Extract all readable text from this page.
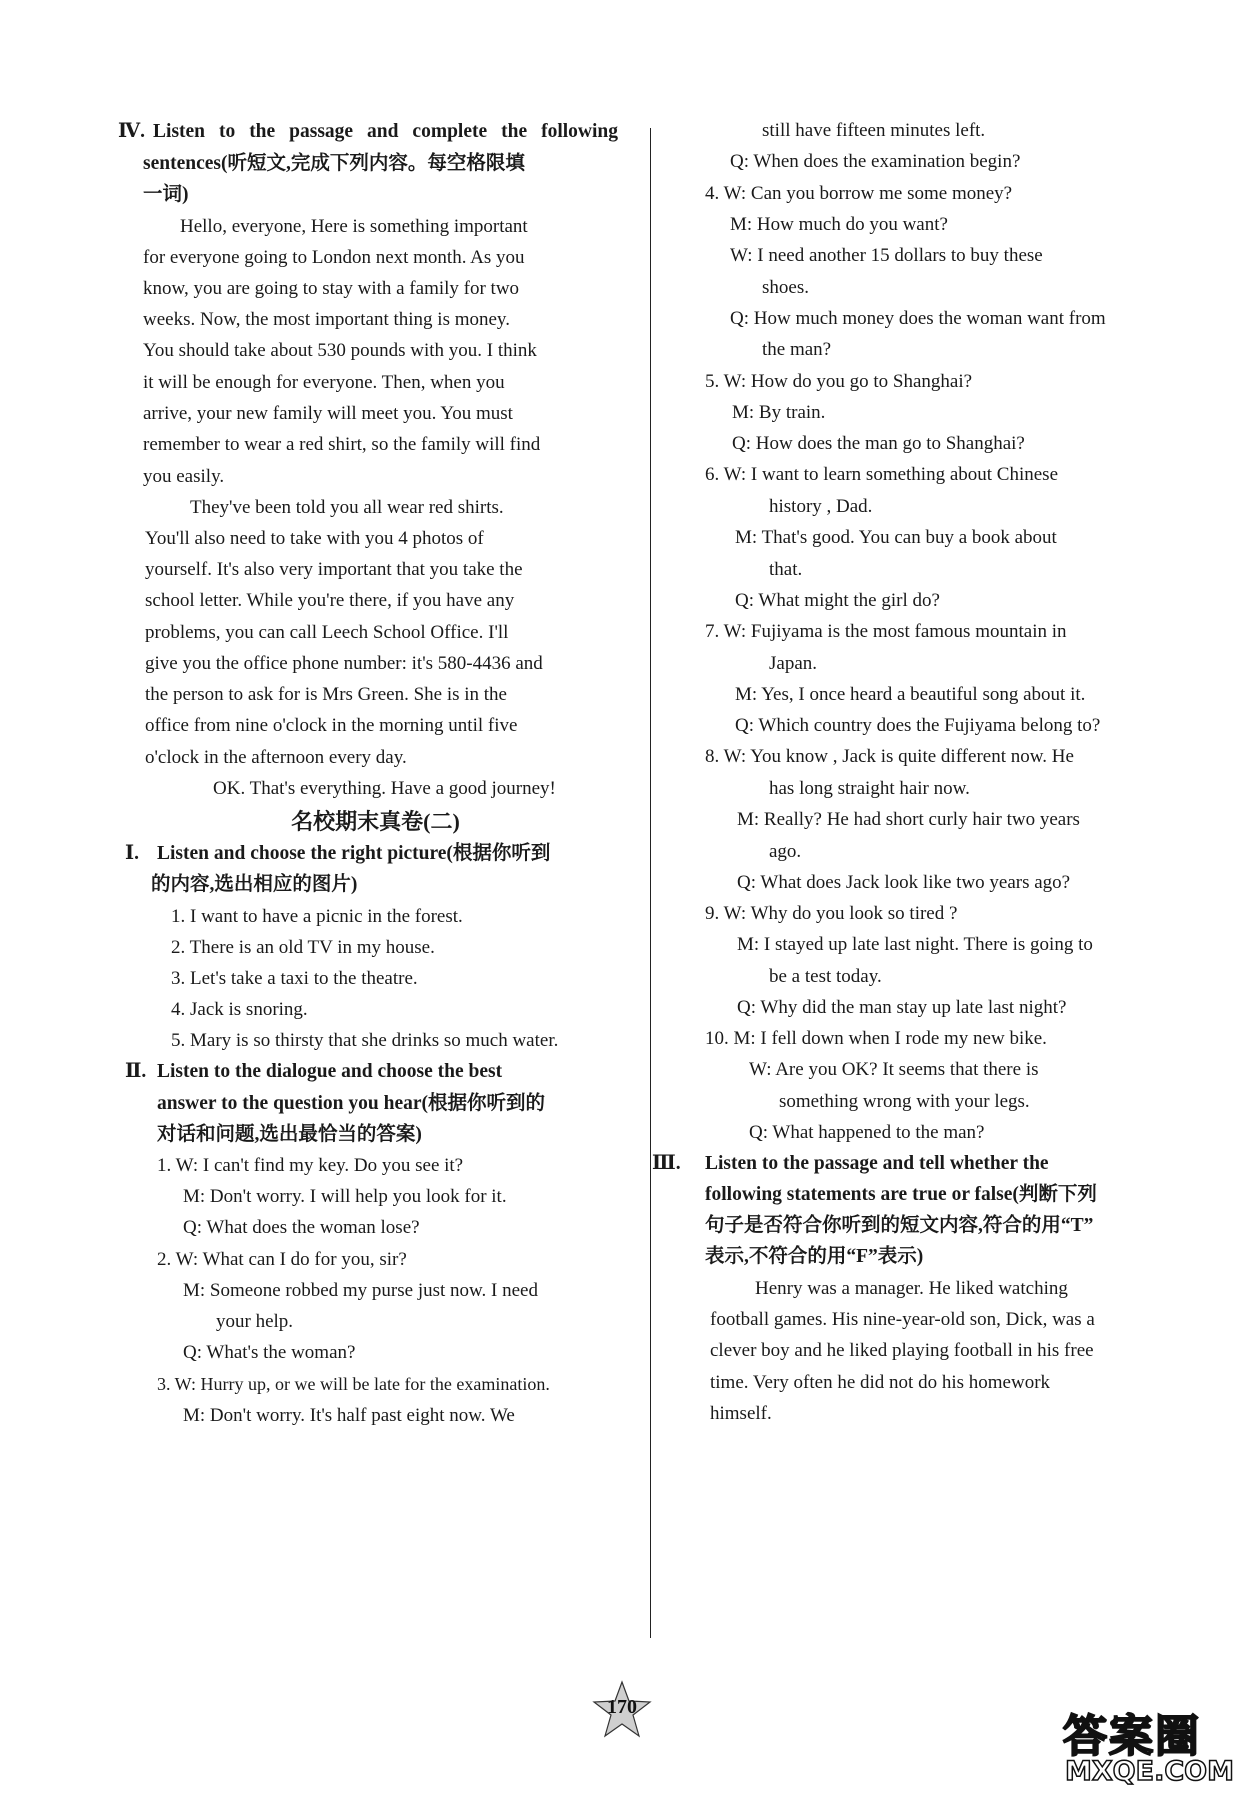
Ⅳ. Listen to the passage and complete the following
sentences(听短文,完成下列内容。每空格限填
一词)
Hello, everyone, Here is something important
for everyone going to London next month. As you
know, you are going to stay with a family for two
weeks. Now, the most important thing is money.
You should take about 530 pounds with you. I think
it will be enough for everyone. Then, when you
arrive, your new family will meet you. You must
remember to wear a red shirt, so the family will find
you easily.
They've been told you all wear red shirts.
You'll also need to take with you 4 photos of
yourself. It's also very important that you take the
school letter. While you're there, if you have any
problems, you can call Leech School Office. I'll
give you the office phone number: it's 580-4436 and
the person to ask for is Mrs Green. She is in the
office from nine o'clock in the morning until five
o'clock in the afternoon every day.
OK. That's everything. Have a good journey!
名校期末真卷(二)
Ⅰ. Listen and choose the right picture(根据你听到
的内容,选出相应的图片)
1. I want to have a picnic in the forest.
2. There is an old TV in my house.
3. Let's take a taxi to the theatre.
4. Jack is snoring.
5. Mary is so thirsty that she drinks so much water.
Ⅱ. Listen to the dialogue and choose the best
answer to the question you hear(根据你听到的
对话和问题,选出最恰当的答案)
1. W: I can't find my key. Do you see it?
M: Don't worry. I will help you look for it.
Q: What does the woman lose?
2. W: What can I do for you, sir?
M: Someone robbed my purse just now. I need
your help.
Q: What's the woman?
3. W: Hurry up, or we will be late for the examination.
M: Don't worry. It's half past eight now. We
still have fifteen minutes left.
Q: When does the examination begin?
4. W: Can you borrow me some money?
M: How much do you want?
W: I need another 15 dollars to buy these
shoes.
Q: How much money does the woman want from
the man?
5. W: How do you go to Shanghai?
M: By train.
Q: How does the man go to Shanghai?
6. W: I want to learn something about Chinese
history , Dad.
M: That's good. You can buy a book about
that.
Q: What might the girl do?
7. W: Fujiyama is the most famous mountain in
Japan.
M: Yes, I once heard a beautiful song about it.
Q: Which country does the Fujiyama belong to?
8. W: You know , Jack is quite different now. He
has long straight hair now.
M: Really? He had short curly hair two years
ago.
Q: What does Jack look like two years ago?
9. W: Why do you look so tired ?
M: I stayed up late last night. There is going to
be a test today.
Q: Why did the man stay up late last night?
10. M: I fell down when I rode my new bike.
W: Are you OK? It seems that there is
something wrong with your legs.
Q: What happened to the man?
Ⅲ. Listen to the passage and tell whether the
following statements are true or false(判断下列
句子是否符合你听到的短文内容,符合的用“T”
表示,不符合的用“F”表示)
Henry was a manager. He liked watching
football games. His nine-year-old son, Dick, was a
clever boy and he liked playing football in his free
time. Very often he did not do his homework
himself.
170
答案圈
MXQE.COM
